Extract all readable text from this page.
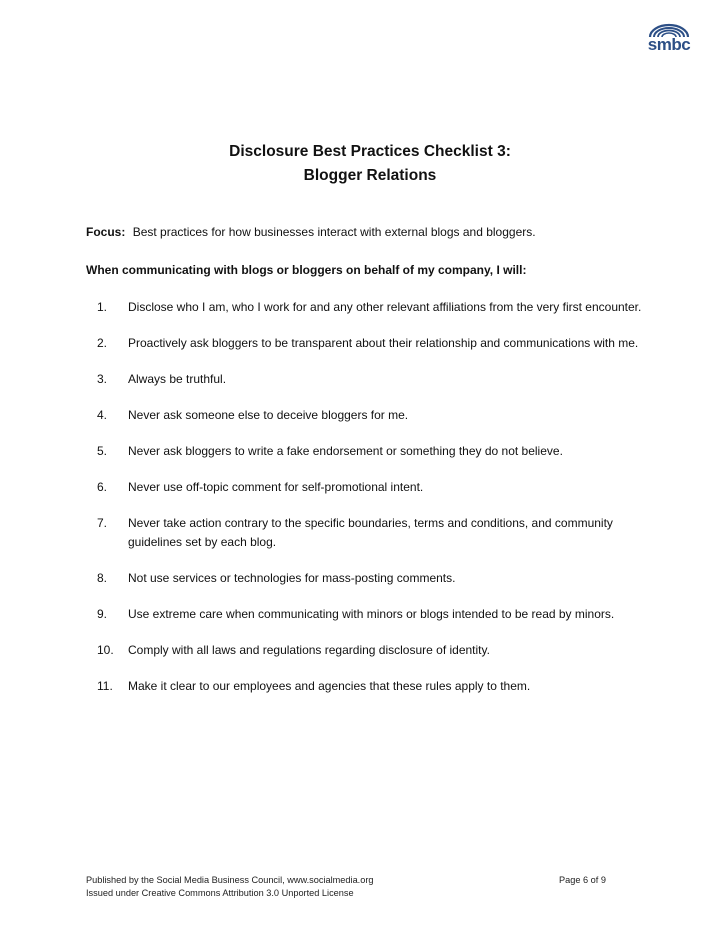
smbc
Disclosure Best Practices Checklist 3:
Blogger Relations
Focus: Best practices for how businesses interact with external blogs and bloggers.
When communicating with blogs or bloggers on behalf of my company, I will:
1. Disclose who I am, who I work for and any other relevant affiliations from the very first encounter.
2. Proactively ask bloggers to be transparent about their relationship and communications with me.
3. Always be truthful.
4. Never ask someone else to deceive bloggers for me.
5. Never ask bloggers to write a fake endorsement or something they do not believe.
6. Never use off-topic comment for self-promotional intent.
7. Never take action contrary to the specific boundaries, terms and conditions, and community guidelines set by each blog.
8. Not use services or technologies for mass-posting comments.
9. Use extreme care when communicating with minors or blogs intended to be read by minors.
10. Comply with all laws and regulations regarding disclosure of identity.
11. Make it clear to our employees and agencies that these rules apply to them.
Published by the Social Media Business Council, www.socialmedia.org
Issued under Creative Commons Attribution 3.0 Unported License
Page 6 of 9
